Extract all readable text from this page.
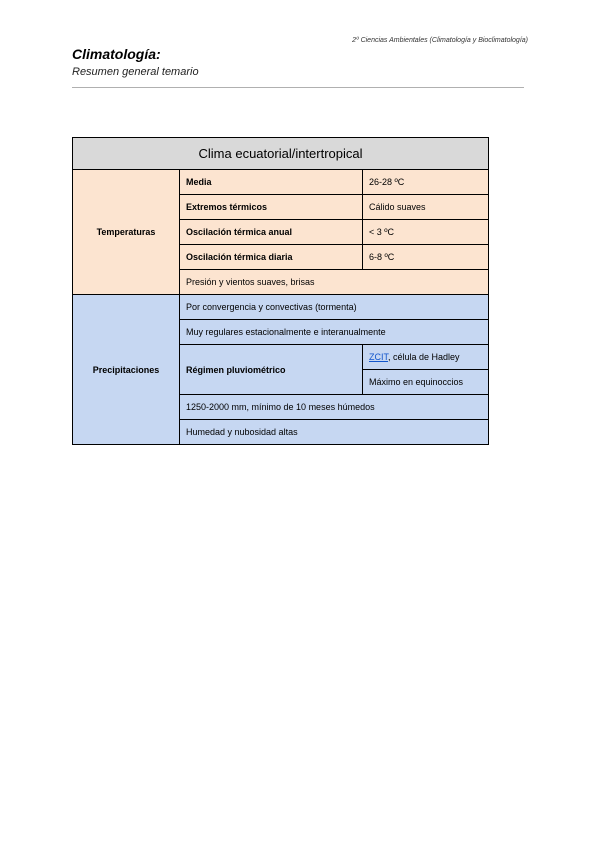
2º Ciencias Ambientales (Climatología y Bioclimatología)
Climatología:
Resumen general temario
Clima ecuatorial/intertropical		
Temperaturas	Media	26-28 ºC
	Extremos térmicos	Cálido suaves
	Oscilación térmica anual	< 3 ºC
	Oscilación térmica diaria	6-8 ºC
	Presión y vientos suaves, brisas	
Precipitaciones	Por convergencia y convectivas (tormenta)	
	Muy regulares estacionalmente e interanualmente	
	Régimen pluviométrico	ZCIT, célula de Hadley
		Máximo en equinoccios
	1250-2000 mm, mínimo de 10 meses húmedos	
	Humedad y nubosidad altas	
